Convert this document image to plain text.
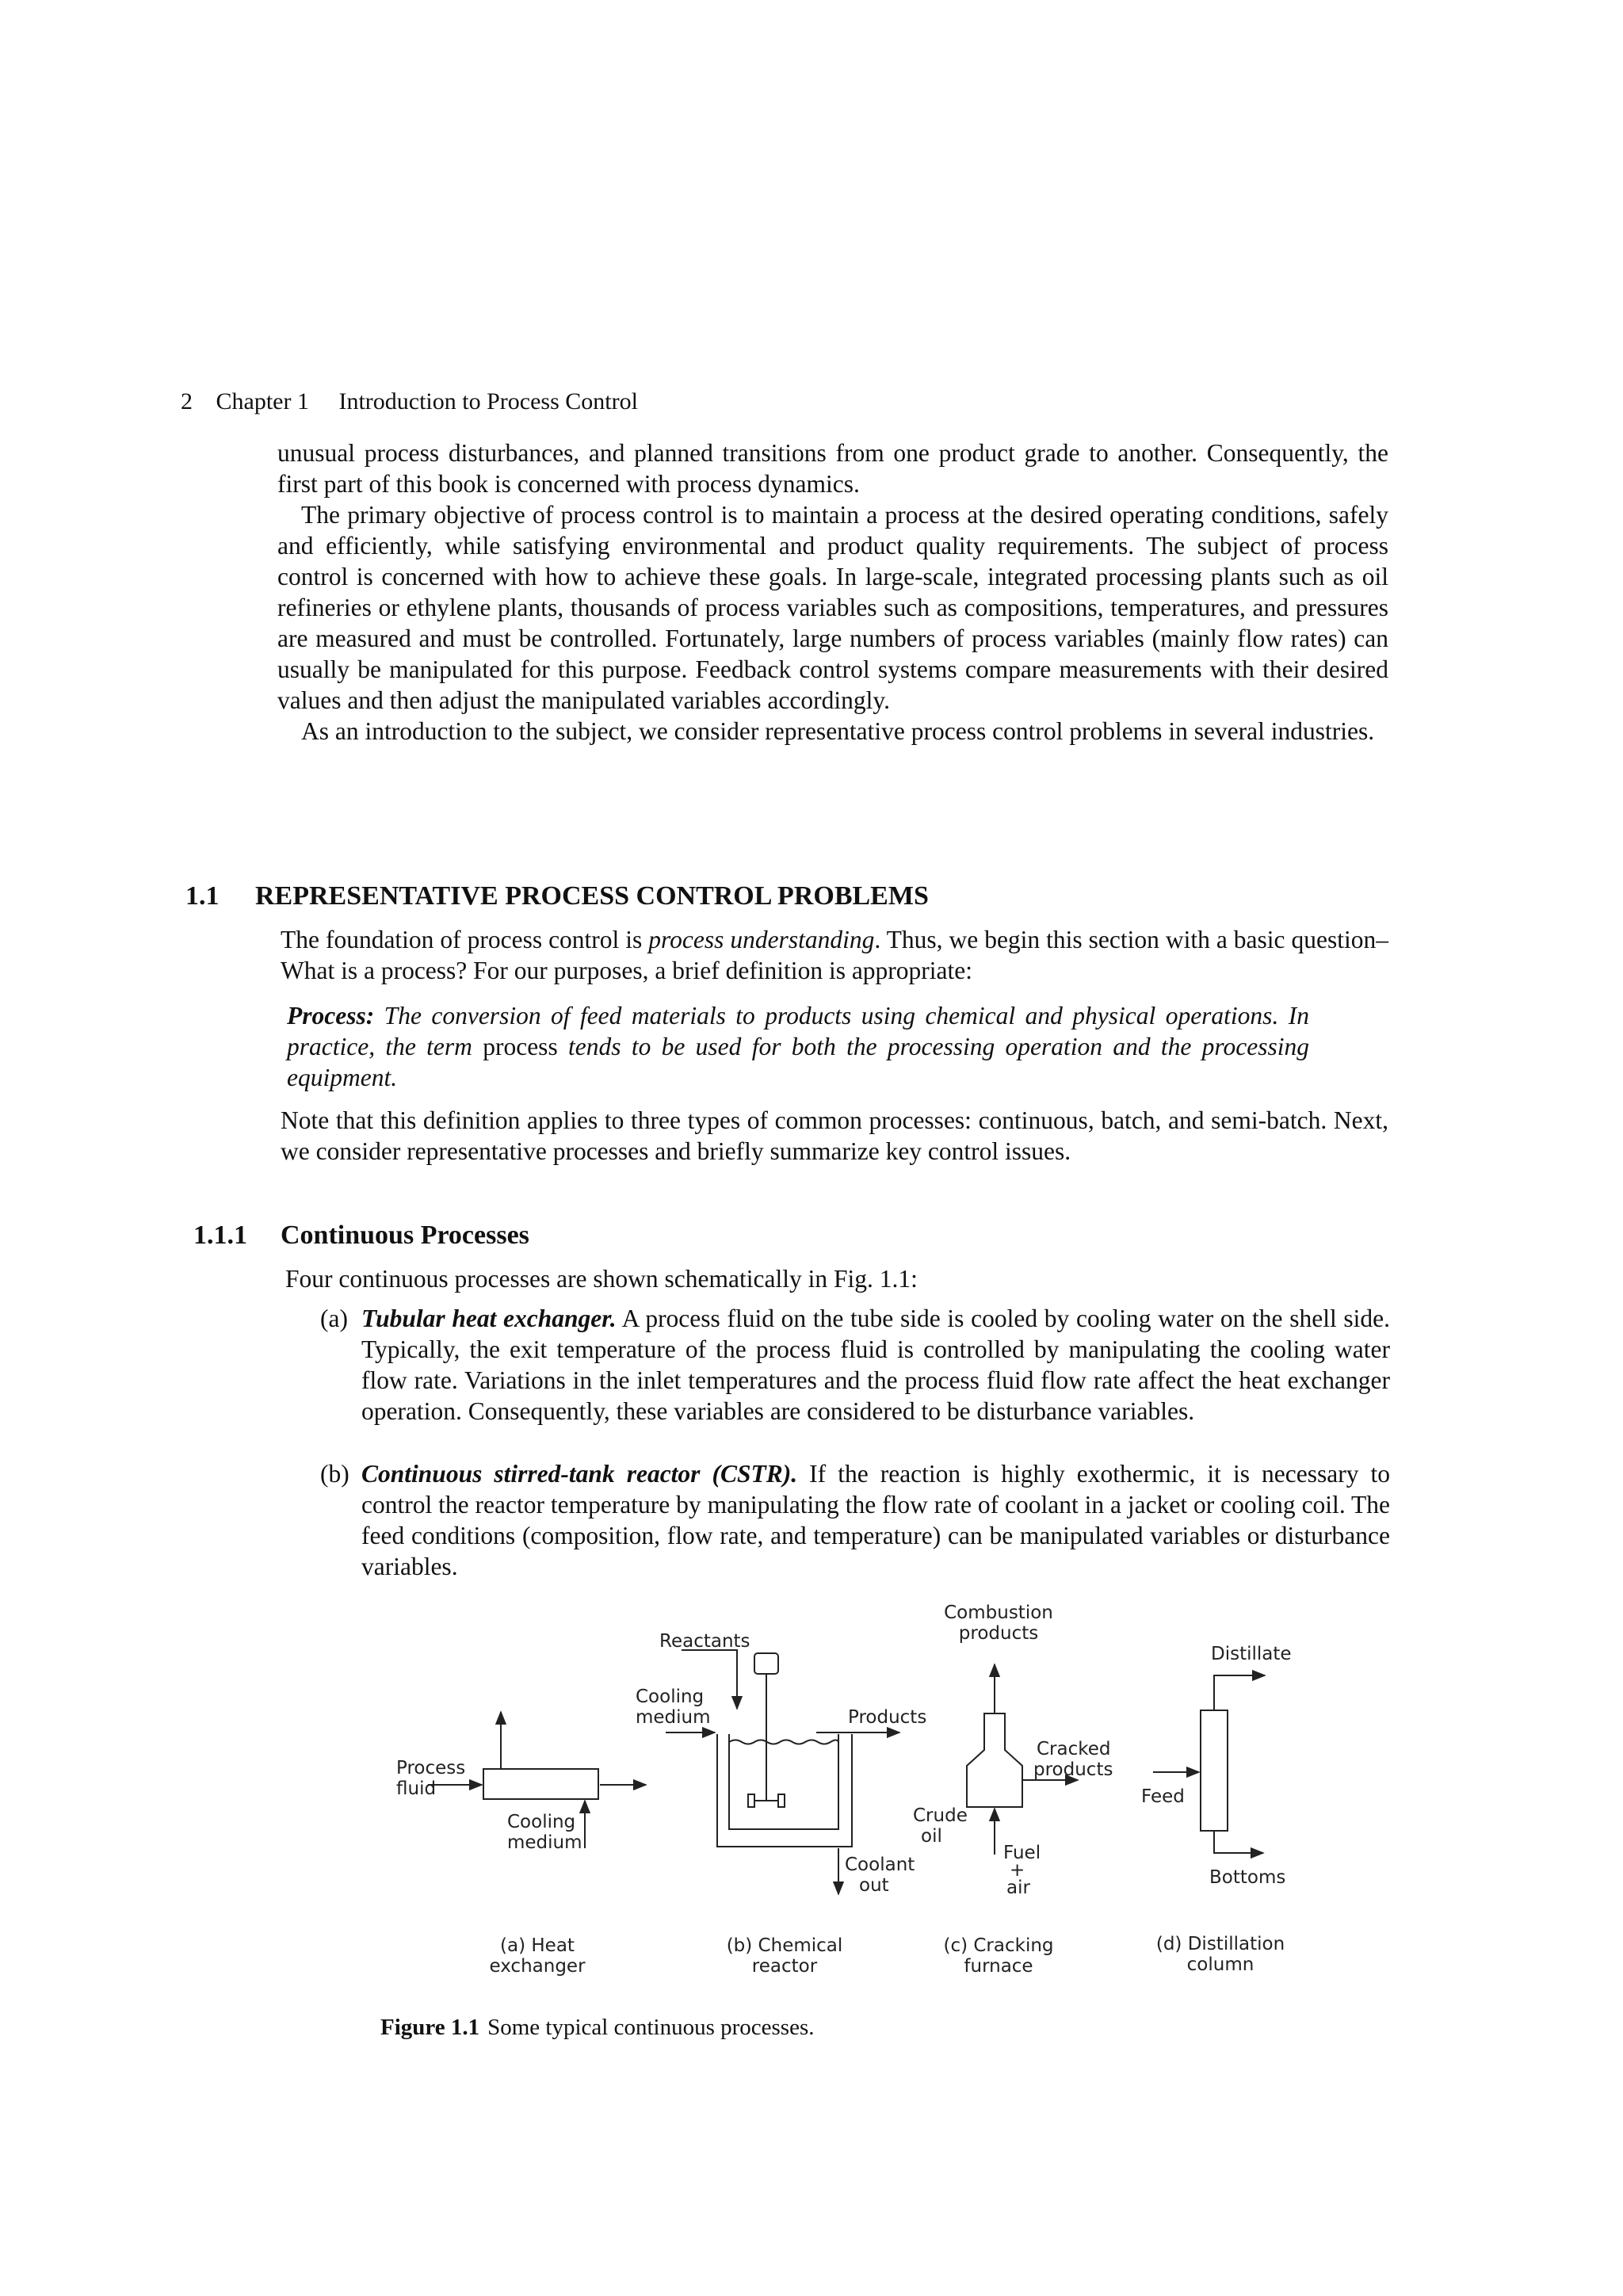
2 Chapter 1 Introduction to Process Control

unusual process disturbances, and planned transitions from one product grade to another. Consequently, the first part of this book is concerned with process dynamics.

The primary objective of process control is to maintain a process at the desired operating conditions, safely and efficiently, while satisfying environmental and product quality requirements. The subject of process control is concerned with how to achieve these goals. In large-scale, integrated processing plants such as oil refineries or ethylene plants, thousands of process variables such as compositions, temperatures, and pressures are measured and must be controlled. Fortunately, large numbers of process variables (mainly flow rates) can usually be manipulated for this purpose. Feedback control systems compare measurements with their desired values and then adjust the manipulated variables accordingly.

As an introduction to the subject, we consider representative process control problems in several industries.

1.1 REPRESENTATIVE PROCESS CONTROL PROBLEMS

The foundation of process control is process understanding. Thus, we begin this section with a basic question–What is a process? For our purposes, a brief definition is appropriate:

Process: The conversion of feed materials to products using chemical and physical operations. In practice, the term process tends to be used for both the processing operation and the processing equipment.

Note that this definition applies to three types of common processes: continuous, batch, and semi-batch. Next, we consider representative processes and briefly summarize key control issues.

1.1.1 Continuous Processes

Four continuous processes are shown schematically in Fig. 1.1:

(a) Tubular heat exchanger. A process fluid on the tube side is cooled by cooling water on the shell side. Typically, the exit temperature of the process fluid is controlled by manipulating the cooling water flow rate. Variations in the inlet temperatures and the process fluid flow rate affect the heat exchanger operation. Consequently, these variables are considered to be disturbance variables.
(b) Continuous stirred-tank reactor (CSTR). If the reaction is highly exothermic, it is necessary to control the reactor temperature by manipulating the flow rate of coolant in a jacket or cooling coil. The feed conditions (composition, flow rate, and temperature) can be manipulated variables or disturbance variables.
Process
fluid
Cooling
medium
(a) Heat
exchanger
Reactants
Cooling
medium	Products
Coolant
out
(b) Chemical
reactor
Combustion
products
Cracked
products
Crude
oil
Fuel
+
air
(c) Cracking
furnace
Distillate
Feed
Bottoms
(d) Distillation
column
Figure 1.1 Some typical continuous processes.
